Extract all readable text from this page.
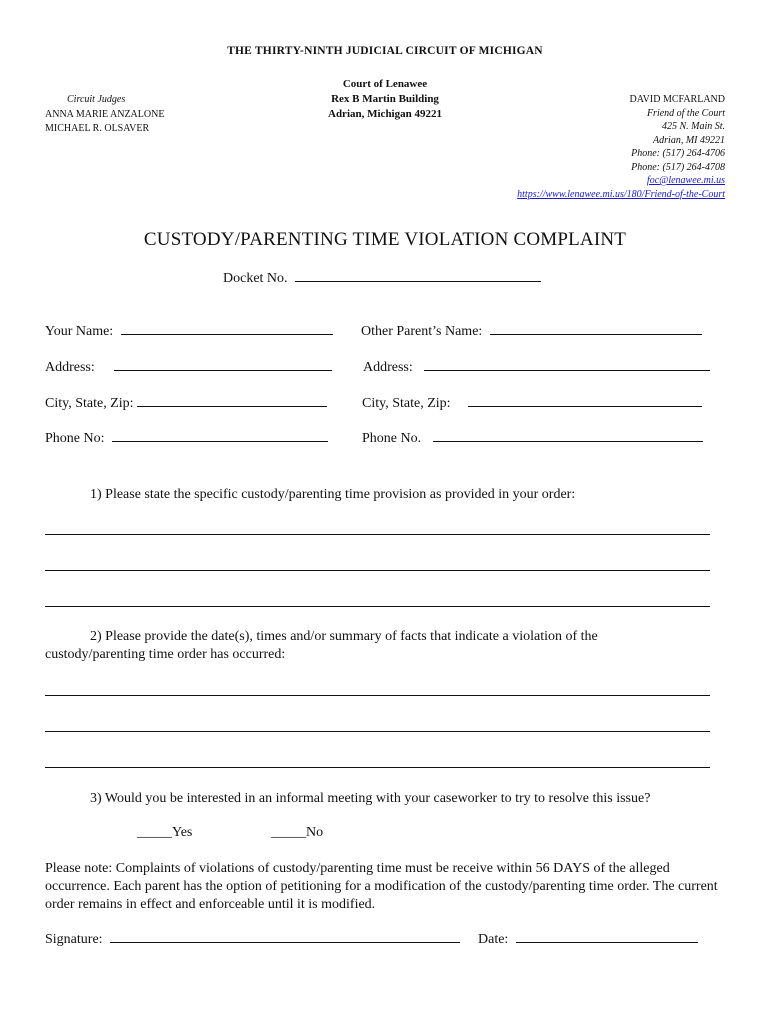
THE THIRTY-NINTH JUDICIAL CIRCUIT OF MICHIGAN
Circuit Judges
ANNA MARIE ANZALONE
MICHAEL R. OLSAVER
Court of Lenawee
Rex B Martin Building
Adrian, Michigan 49221
DAVID MCFARLAND
Friend of the Court
425 N. Main St.
Adrian, MI 49221
Phone: (517) 264-4706
Phone: (517) 264-4708
foc@lenawee.mi.us
https://www.lenawee.mi.us/180/Friend-of-the-Court
CUSTODY/PARENTING TIME VIOLATION COMPLAINT
Docket No.
Your Name:	Other Parent’s Name:
Address:	Address:
City, State, Zip:	City, State, Zip:
Phone No:	Phone No.
1) Please state the specific custody/parenting time provision as provided in your order:
2) Please provide the date(s), times and/or summary of facts that indicate a violation of the
custody/parenting time order has occurred:
3) Would you be interested in an informal meeting with your caseworker to try to resolve this issue?
_____Yes	_____No
Please note: Complaints of violations of custody/parenting time must be receive within 56 DAYS of the alleged occurrence. Each parent has the option of petitioning for a modification of the custody/parenting time order. The current order remains in effect and enforceable until it is modified.
Signature:	Date:
